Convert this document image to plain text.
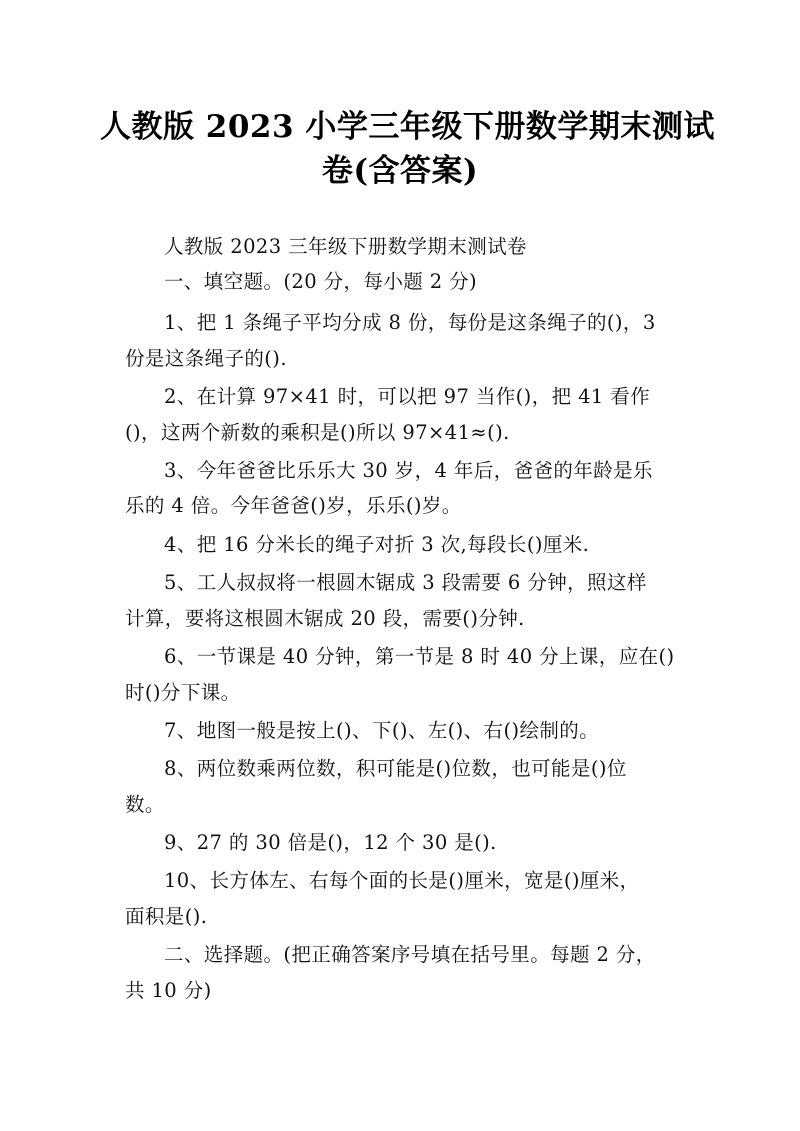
人教版 2023 小学三年级下册数学期末测试
卷(含答案)
人教版 2023 三年级下册数学期末测试卷
一、填空题。(20 分，每小题 2 分)
1、把 1 条绳子平均分成 8 份，每份是这条绳子的()，3
份是这条绳子的().
2、在计算 97×41 时，可以把 97 当作()，把 41 看作
()，这两个新数的乘积是()所以 97×41≈().
3、今年爸爸比乐乐大 30 岁，4 年后，爸爸的年龄是乐
乐的 4 倍。今年爸爸()岁，乐乐()岁。
4、把 16 分米长的绳子对折 3 次,每段长()厘米.
5、工人叔叔将一根圆木锯成 3 段需要 6 分钟，照这样
计算，要将这根圆木锯成 20 段，需要()分钟.
6、一节课是 40 分钟，第一节是 8 时 40 分上课，应在()
时()分下课。
7、地图一般是按上()、下()、左()、右()绘制的。
8、两位数乘两位数，积可能是()位数，也可能是()位
数。
9、27 的 30 倍是()，12 个 30 是().
10、长方体左、右每个面的长是()厘米，宽是()厘米，
面积是().
二、选择题。(把正确答案序号填在括号里。每题 2 分，
共 10 分)
